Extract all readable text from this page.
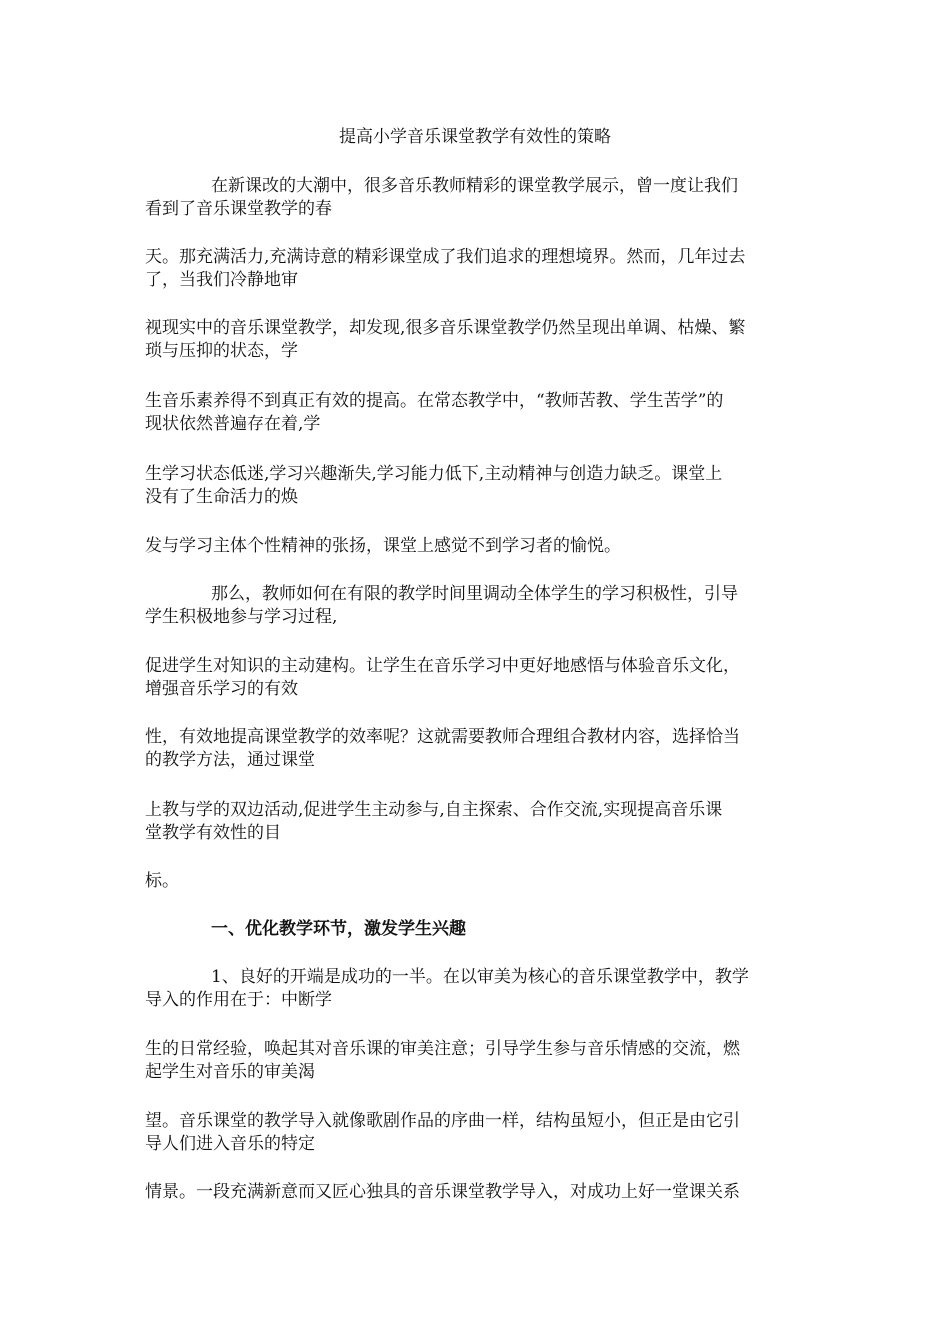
提高小学音乐课堂教学有效性的策略

在新课改的大潮中，很多音乐教师精彩的课堂教学展示，曾一度让我们
看到了音乐课堂教学的春

天。那充满活力,充满诗意的精彩课堂成了我们追求的理想境界。然而，几年过去
了，当我们冷静地审

视现实中的音乐课堂教学，却发现,很多音乐课堂教学仍然呈现出单调、枯燥、繁
琐与压抑的状态，学

生音乐素养得不到真正有效的提高。在常态教学中，“教师苦教、学生苦学”的
现状依然普遍存在着,学

生学习状态低迷,学习兴趣渐失,学习能力低下,主动精神与创造力缺乏。课堂上
没有了生命活力的焕

发与学习主体个性精神的张扬，课堂上感觉不到学习者的愉悦。

那么，教师如何在有限的教学时间里调动全体学生的学习积极性，引导
学生积极地参与学习过程,

促进学生对知识的主动建构。让学生在音乐学习中更好地感悟与体验音乐文化，
增强音乐学习的有效

性，有效地提高课堂教学的效率呢？这就需要教师合理组合教材内容，选择恰当
的教学方法，通过课堂

上教与学的双边活动,促进学生主动参与,自主探索、合作交流,实现提高音乐课
堂教学有效性的目

标。

一、优化教学环节，激发学生兴趣

1、良好的开端是成功的一半。在以审美为核心的音乐课堂教学中，教学
导入的作用在于：中断学

生的日常经验，唤起其对音乐课的审美注意；引导学生参与音乐情感的交流，燃
起学生对音乐的审美渴

望。音乐课堂的教学导入就像歌剧作品的序曲一样，结构虽短小，但正是由它引
导人们进入音乐的特定

情景。一段充满新意而又匠心独具的音乐课堂教学导入，对成功上好一堂课关系
